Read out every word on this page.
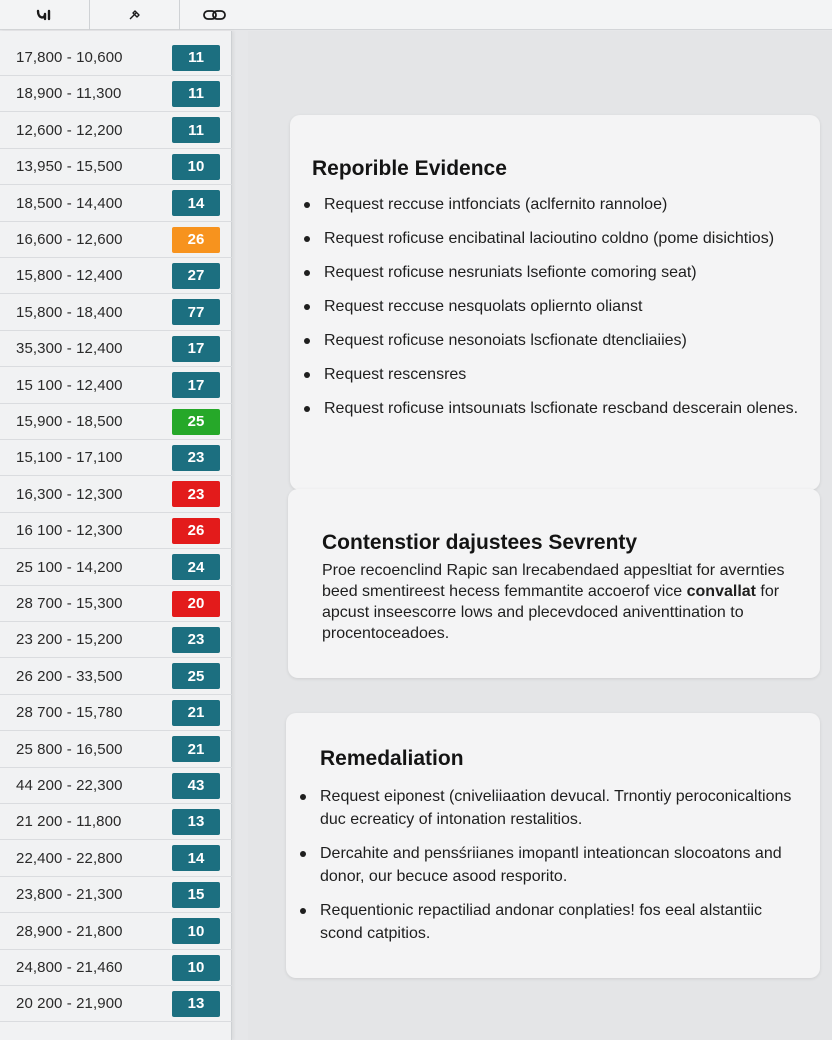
17,800 - 10,600	11
18,900 - 11,300	11
12,600 - 12,200	11
13,950 - 15,500	10
18,500 - 14,400	14
16,600 - 12,600	26
15,800 - 12,400	27
15,800 - 18,400	77
35,300 - 12,400	17
15 100 - 12,400	17
15,900 - 18,500	25
15,100 - 17,100	23
16,300 - 12,300	23
16 100 - 12,300	26
25 100 - 14,200	24
28 700 - 15,300	20
23 200 - 15,200	23
26 200 - 33,500	25
28 700 - 15,780	21
25 800 - 16,500	21
44 200 - 22,300	43
21 200 - 11,800	13
22,400 - 22,800	14
23,800 - 21,300	15
28,900 - 21,800	10
24,800 - 21,460	10
20 200 - 21,900	13
Reporible Evidence
Request reccuse intfonciats (aclfernito rannoloe)
Request roficuse encibatinal lacioutino coldno (pome disichtios)
Request roficuse nesruniats lsefionte comoring seat)
Request reccuse nesquolats opliernto olianst
Request roficuse nesonoiats lscfionate dtencliaiies)
Request rescensres
Request roficuse intsounıats lscfionate rescband descerain olenes.
Contenstior dajustees Sevrenty

Proe recoenclind Rapic san lrecabendaed appesltiat for avernties beed smentireest hecess femmantite accoerof vice convallat for apcust inseescorre lows and plecevdoced aniventtination to procentoceadoes.

Remedaliation
Request eiponest (cniveliiaation devucal. Trnontiy peroconicaltions duc ecreaticy of intonation restalitios.
Dercahite and pensśriianes imopantl inteationcan slocoatons and donor, our becuce asood resporito.
Requentionic repactiliad andonar conplaties! fos eeal alstantiic scond catpitios.
